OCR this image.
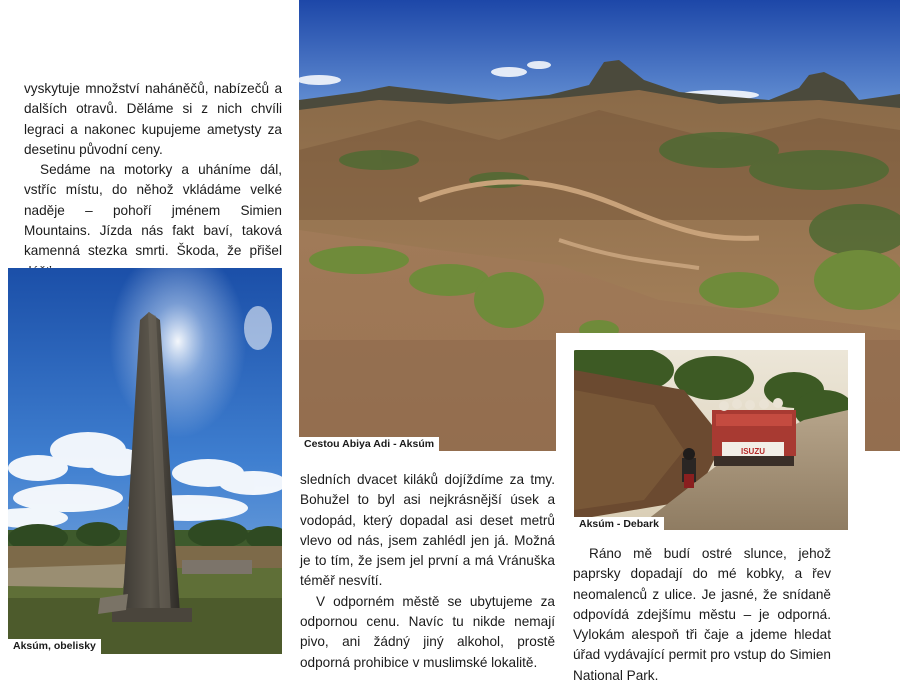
vyskytuje množství naháněčů, nabízečů a dalších otravů. Děláme si z nich chvíli legraci a nakonec kupujeme ametysty za desetinu původní ceny.

Sedáme na motorky a uháníme dál, vstříc místu, do něhož vkládáme velké naděje – pohoří jménem Simien Mountains. Jízda nás fakt baví, taková kamenná stezka smrti. Škoda, že přišel

Aksúm, obelisky
Cestou Abiya Adi - Aksúm

sledních dvacet kiláků dojíždíme za tmy. Bohužel to byl asi nejkrásnější úsek a vodopád, který dopadal asi deset metrů vlevo od nás, jsem zahlédl jen já. Možná je to tím, že jsem jel první a má Vránuška téměř nesvítí.

V odporném městě se ubytujeme za odpornou cenu. Navíc tu nikde nemají pivo, ani žádný jiný alkohol, prostě odporná prohibice v muslimské lokalitě.

ISUZU
Aksúm - Debark

Ráno mě budí ostré slunce, jehož paprsky dopadají do mé kobky, a řev neomalenců z ulice. Je jasné, že snídaně odpovídá zdejšímu městu – je odporná. Vylokám alespoň tři čaje a jdeme hledat úřad vydávající permit pro vstup do Simien National Park.
